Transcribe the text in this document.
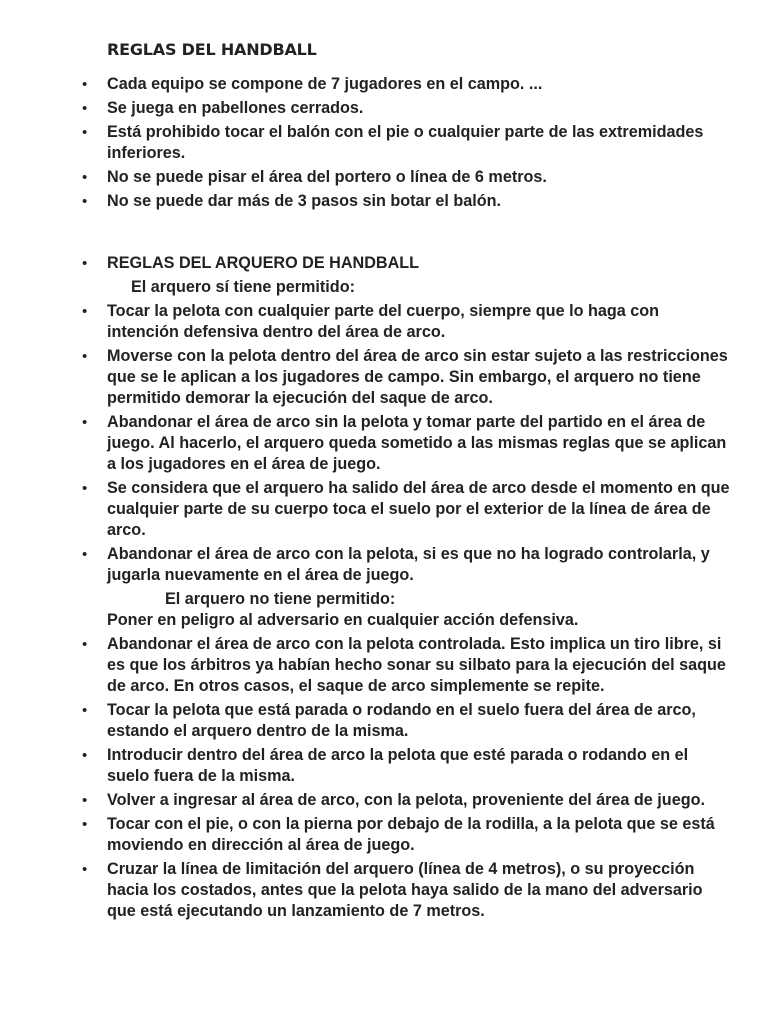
REGLAS DEL HANDBALL
• Cada equipo se compone de 7 jugadores en el campo. ...
• Se juega en pabellones cerrados.
• Está prohibido tocar el balón con el pie o cualquier parte de las extremidades inferiores.
• No se puede pisar el área del portero o línea de 6 metros.
• No se puede dar más de 3 pasos sin botar el balón.
• REGLAS DEL ARQUERO DE HANDBALL
El arquero sí tiene permitido:
• Tocar la pelota con cualquier parte del cuerpo, siempre que lo haga con intención defensiva dentro del área de arco.
• Moverse con la pelota dentro del área de arco sin estar sujeto a las restricciones que se le aplican a los jugadores de campo. Sin embargo, el arquero no tiene permitido demorar la ejecución del saque de arco.
• Abandonar el área de arco sin la pelota y tomar parte del partido en el área de juego. Al hacerlo, el arquero queda sometido a las mismas reglas que se aplican a los jugadores en el área de juego.
• Se considera que el arquero ha salido del área de arco desde el momento en que cualquier parte de su cuerpo toca el suelo por el exterior de la línea de área de arco.
• Abandonar el área de arco con la pelota, si es que no ha logrado controlarla, y jugarla nuevamente en el área de juego.
El arquero no tiene permitido:
Poner en peligro al adversario en cualquier acción defensiva.
• Abandonar el área de arco con la pelota controlada. Esto implica un tiro libre, si es que los árbitros ya habían hecho sonar su silbato para la ejecución del saque de arco. En otros casos, el saque de arco simplemente se repite.
• Tocar la pelota que está parada o rodando en el suelo fuera del área de arco, estando el arquero dentro de la misma.
• Introducir dentro del área de arco la pelota que esté parada o rodando en el suelo fuera de la misma.
• Volver a ingresar al área de arco, con la pelota, proveniente del área de juego.
• Tocar con el pie, o con la pierna por debajo de la rodilla, a la pelota que se está moviendo en dirección al área de juego.
• Cruzar la línea de limitación del arquero (línea de 4 metros), o su proyección hacia los costados, antes que la pelota haya salido de la mano del adversario que está ejecutando un lanzamiento de 7 metros.
